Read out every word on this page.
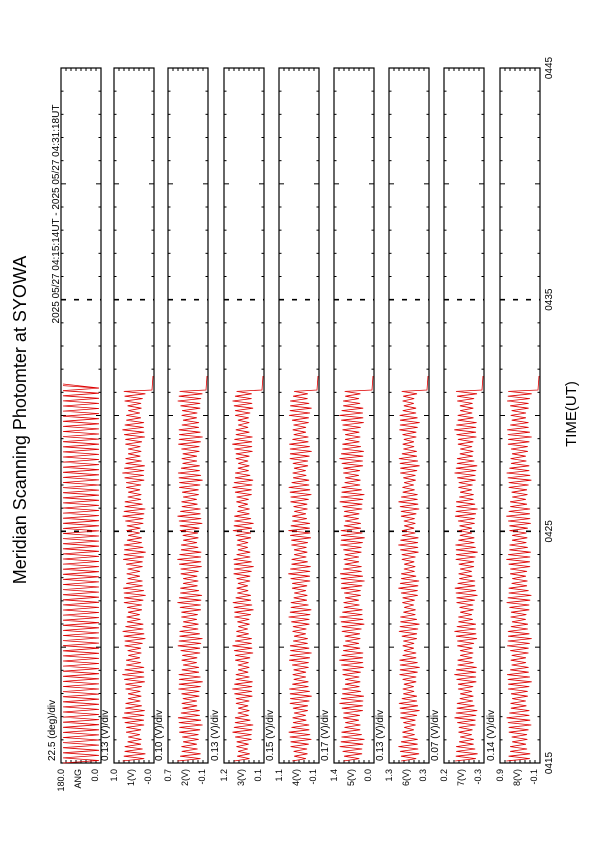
Meridian Scanning Photomter at SYOWA
2025 05/27 04:15:14UT - 2025 05/27 04:31:18UT
TIME(UT)
22.5 (deg)/div
180.0 ANG 0.0
0.13 (V)/div
1.0 1(V) -0.0
0.10 (V)/div
0.7 2(V) -0.1
0.13 (V)/div
1.2 3(V) 0.1
0.15 (V)/div
1.1 4(V) -0.1
0.17 (V)/div
1.4 5(V) 0.0
0.13 (V)/div
1.3 6(V) 0.3
0.07 (V)/div
0.2 7(V) -0.3
0.14 (V)/div
0.9 8(V) -0.1
0415
0425
0435
0445
